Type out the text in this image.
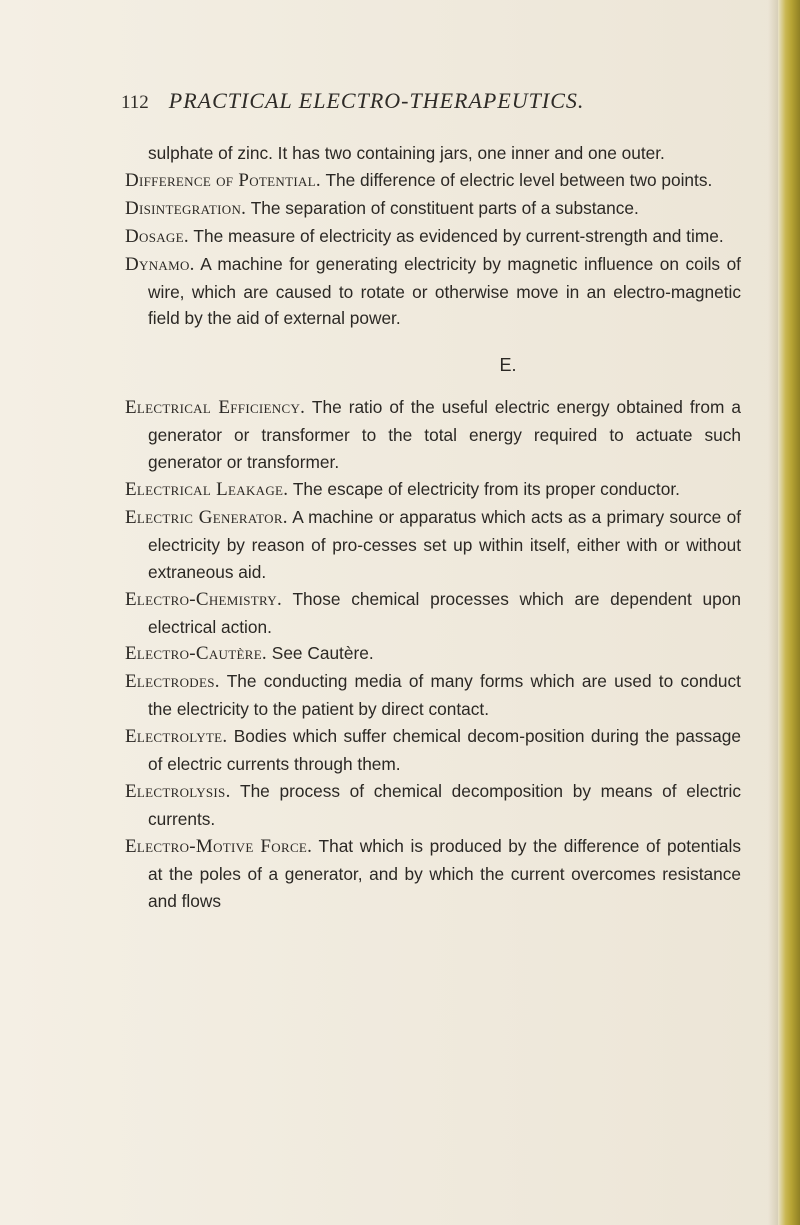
112 PRACTICAL ELECTRO-THERAPEUTICS.

sulphate of zinc. It has two containing jars, one inner and one outer.

Difference of Potential. The difference of electric level between two points.

Disintegration. The separation of constituent parts of a substance.

Dosage. The measure of electricity as evidenced by current-strength and time.

Dynamo. A machine for generating electricity by magnetic influence on coils of wire, which are caused to rotate or otherwise move in an electro-magnetic field by the aid of external power.

E.

Electrical Efficiency. The ratio of the useful electric energy obtained from a generator or transformer to the total energy required to actuate such generator or transformer.

Electrical Leakage. The escape of electricity from its proper conductor.

Electric Generator. A machine or apparatus which acts as a primary source of electricity by reason of pro-cesses set up within itself, either with or without extraneous aid.

Electro-Chemistry. Those chemical processes which are dependent upon electrical action.

Electro-Cautère. See Cautère.

Electrodes. The conducting media of many forms which are used to conduct the electricity to the patient by direct contact.

Electrolyte. Bodies which suffer chemical decom-position during the passage of electric currents through them.

Electrolysis. The process of chemical decomposition by means of electric currents.

Electro-Motive Force. That which is produced by the difference of potentials at the poles of a generator, and by which the current overcomes resistance and flows
